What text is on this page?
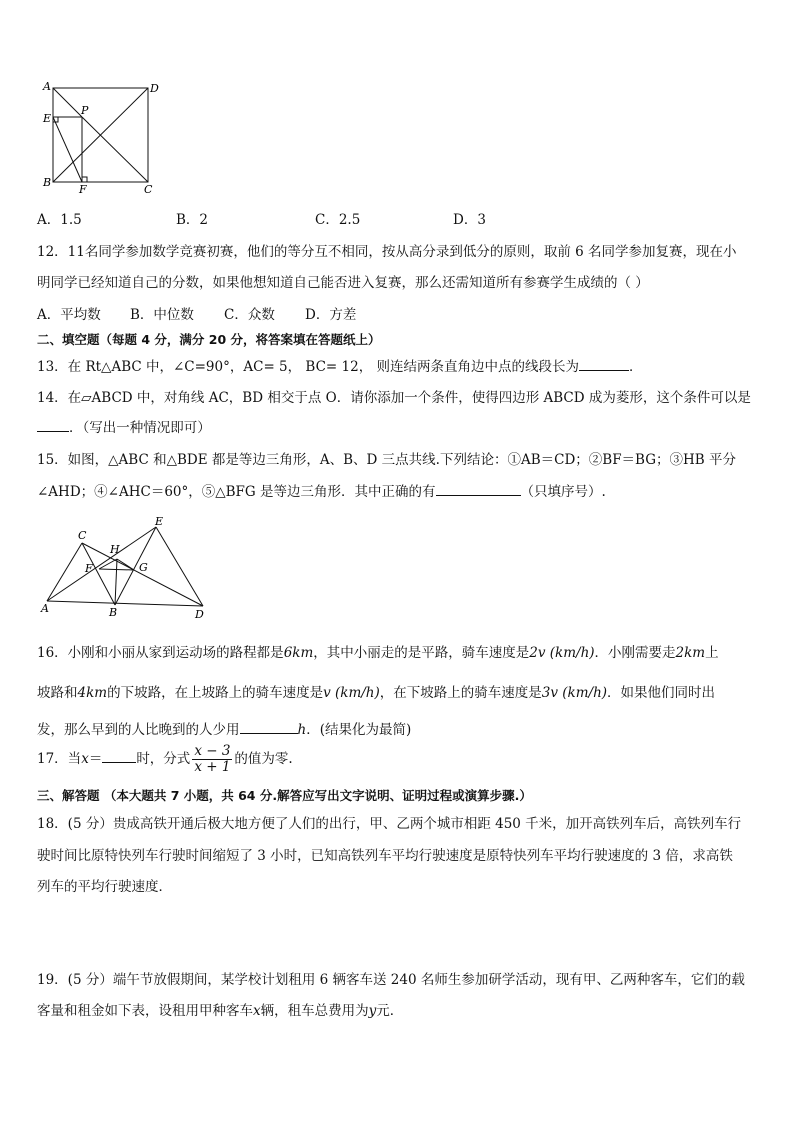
A	D
P
E
B
F	C
A．1.5	B．2	C．2.5	D．3
12．11名同学参加数学竞赛初赛，他们的等分互不相同，按从高分录到低分的原则，取前 6 名同学参加复赛，现在小
明同学已经知道自己的分数，如果他想知道自己能否进入复赛，那么还需知道所有参赛学生成绩的（ ）
A．平均数 B．中位数 C．众数 D．方差
二、填空题（每题 4 分，满分 20 分，将答案填在答题纸上）
13．在 Rt△ABC 中，∠C=90°，AC= 5， BC= 12， 则连结两条直角边中点的线段长为	．
14．在▱ABCD 中，对角线 AC，BD 相交于点 O．请你添加一个条件，使得四边形 ABCD 成为菱形，这个条件可以是
．（写出一种情况即可）
15．如图，△ABC 和△BDE 都是等边三角形，A、B、D 三点共线.下列结论：①AB＝CD；②BF＝BG；③HB 平分
∠AHD；④∠AHC＝60°，⑤△BFG 是等边三角形．其中正确的有	（只填序号）.
C
E
H
F	G
A	B	D
16．小刚和小丽从家到运动场的路程都是6km，其中小丽走的是平路，骑车速度是2v (km/h)．小刚需要走2km上
坡路和4km的下坡路，在上坡路上的骑车速度是v (km/h)，在下坡路上的骑车速度是3v (km/h)．如果他们同时出
发，那么早到的人比晚到的人少用	h．(结果化为最简)
17．当x＝	时，分式 $\frac{x - 3}{x + 1}$ 的值为零.
三、解答题 （本大题共 7 小题，共 64 分.解答应写出文字说明、证明过程或演算步骤.）
18．(5 分）贵成高铁开通后极大地方便了人们的出行，甲、乙两个城市相距 450 千米，加开高铁列车后，高铁列车行
驶时间比原特快列车行驶时间缩短了 3 小时，已知高铁列车平均行驶速度是原特快列车平均行驶速度的 3 倍，求高铁
列车的平均行驶速度．
19．(5 分）端午节放假期间，某学校计划租用 6 辆客车送 240 名师生参加研学活动，现有甲、乙两种客车，它们的载
客量和租金如下表，设租用甲种客车x辆，租车总费用为y元．
